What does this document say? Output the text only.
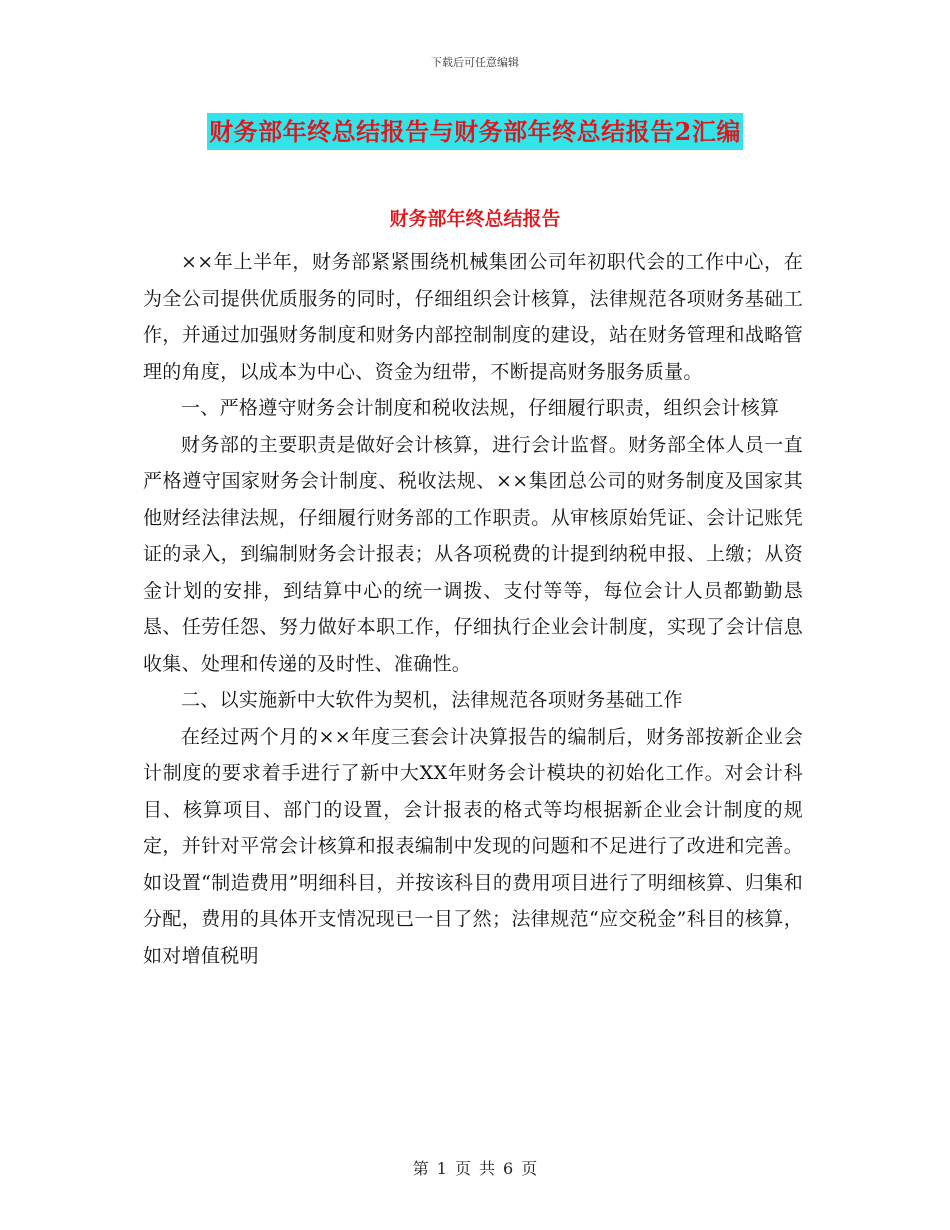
下载后可任意编辑
财务部年终总结报告与财务部年终总结报告2汇编
财务部年终总结报告

××年上半年，财务部紧紧围绕机械集团公司年初职代会的工作中心，在为全公司提供优质服务的同时，仔细组织会计核算，法律规范各项财务基础工作，并通过加强财务制度和财务内部控制制度的建设，站在财务管理和战略管理的角度，以成本为中心、资金为纽带，不断提高财务服务质量。

一、严格遵守财务会计制度和税收法规，仔细履行职责，组织会计核算

财务部的主要职责是做好会计核算，进行会计监督。财务部全体人员一直严格遵守国家财务会计制度、税收法规、××集团总公司的财务制度及国家其他财经法律法规，仔细履行财务部的工作职责。从审核原始凭证、会计记账凭证的录入，到编制财务会计报表；从各项税费的计提到纳税申报、上缴；从资金计划的安排，到结算中心的统一调拨、支付等等，每位会计人员都勤勤恳恳、任劳任怨、努力做好本职工作，仔细执行企业会计制度，实现了会计信息收集、处理和传递的及时性、准确性。

二、以实施新中大软件为契机，法律规范各项财务基础工作

在经过两个月的××年度三套会计决算报告的编制后，财务部按新企业会计制度的要求着手进行了新中大XX年财务会计模块的初始化工作。对会计科目、核算项目、部门的设置，会计报表的格式等均根据新企业会计制度的规定，并针对平常会计核算和报表编制中发现的问题和不足进行了改进和完善。如设置“制造费用”明细科目，并按该科目的费用项目进行了明细核算、归集和分配，费用的具体开支情况现已一目了然；法律规范“应交税金”科目的核算，如对增值税明

第 1 页 共 6 页
